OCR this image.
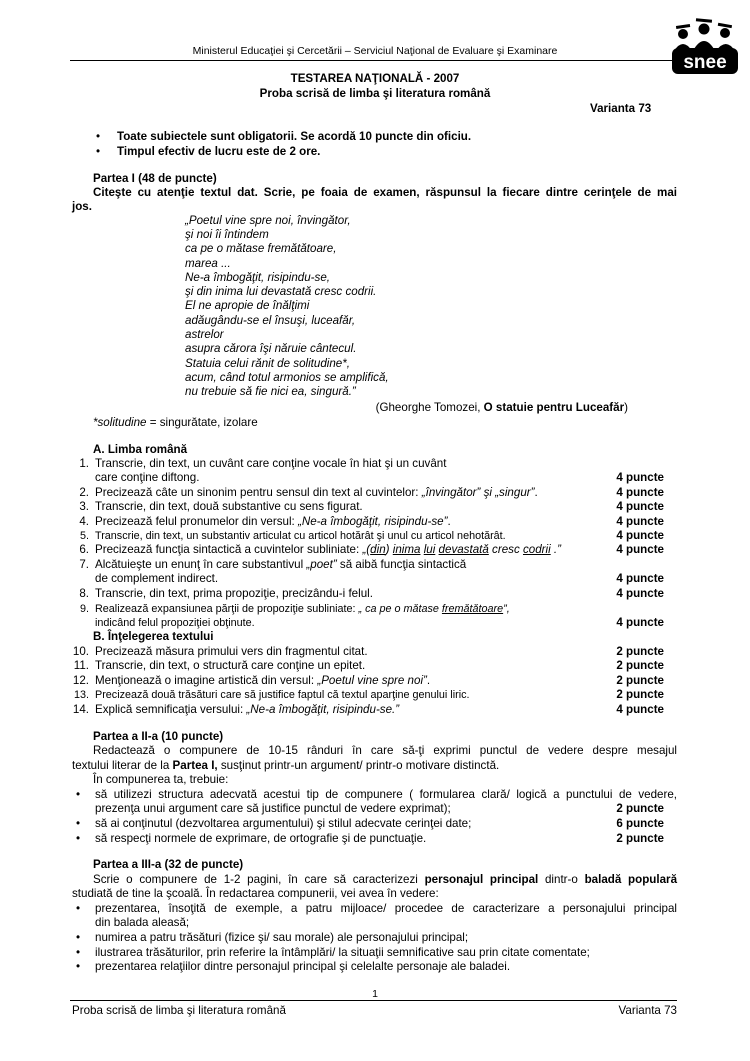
Ministerul Educaţiei şi Cercetării – Serviciul Naţional de Evaluare şi Examinare
snee
TESTAREA NAŢIONALĂ - 2007
Proba scrisă de limba şi literatura română
Varianta 73
•	Toate subiectele sunt obligatorii. Se acordă 10 puncte din oficiu.
•	Timpul efectiv de lucru este de 2 ore.
Partea I (48 de puncte)
Citeşte cu atenţie textul dat. Scrie, pe foaia de examen, răspunsul la fiecare dintre cerinţele de mai
jos.
„Poetul vine spre noi, învingător,
şi noi îi întindem
ca pe o mătase fremătătoare,
marea ...
Ne-a îmbogăţit, risipindu-se,
şi din inima lui devastată cresc codrii.
El ne apropie de înălţimi
adăugându-se el însuşi, luceafăr,
astrelor
asupra cărora îşi năruie cântecul.
Statuia celui rănit de solitudine*,
acum, când totul armonios se amplifică,
nu trebuie să fie nici ea, singură.”
(Gheorghe Tomozei, O statuie pentru Luceafăr)
*solitudine = singurătate, izolare
A. Limba română
1. Transcrie, din text, un cuvânt care conţine vocale în hiat şi un cuvânt
care conţine diftong.	4 puncte
2. Precizează câte un sinonim pentru sensul din text al cuvintelor: „învingător” şi „singur”.	4 puncte
3. Transcrie, din text, două substantive cu sens figurat.	4 puncte
4. Precizează felul pronumelor din versul: „Ne-a îmbogăţit, risipindu-se”.	4 puncte
5. Transcrie, din text, un substantiv articulat cu articol hotărât şi unul cu articol nehotărât.	4 puncte
6. Precizează funcţia sintactică a cuvintelor subliniate: „(din) inima lui devastată cresc codrii .”	4 puncte
7. Alcătuieşte un enunţ în care substantivul „poet” să aibă funcţia sintactică
de complement indirect.	4 puncte
8. Transcrie, din text, prima propoziţie, precizându-i felul.	4 puncte
9. Realizează expansiunea părţii de propoziţie subliniate: „ ca pe o mătase fremătătoare”,
indicând felul propoziţiei obţinute.	4 puncte
B. Înţelegerea textului
10. Precizează măsura primului vers din fragmentul citat.	2 puncte
11. Transcrie, din text, o structură care conţine un epitet.	2 puncte
12. Menţionează o imagine artistică din versul: „Poetul vine spre noi”.	2 puncte
13. Precizează două trăsături care să justifice faptul că textul aparţine genului liric.	2 puncte
14. Explică semnificaţia versului: „Ne-a îmbogăţit, risipindu-se.”	4 puncte
Partea a II-a (10 puncte)
Redactează o compunere de 10-15 rânduri în care să-ţi exprimi punctul de vedere despre mesajul
textului literar de la Partea I, susţinut printr-un argument/ printr-o motivare distinctă.
În compunerea ta, trebuie:
•	să utilizezi structura adecvată acestui tip de compunere ( formularea clară/ logică a punctului de vedere,
prezenţa unui argument care să justifice punctul de vedere exprimat);	2 puncte
•	să ai conţinutul (dezvoltarea argumentului) şi stilul adecvate cerinţei date;	6 puncte
•	să respecţi normele de exprimare, de ortografie şi de punctuaţie.	2 puncte
Partea a III-a (32 de puncte)
Scrie o compunere de 1-2 pagini, în care să caracterizezi personajul principal dintr-o baladă populară
studiată de tine la şcoală. În redactarea compunerii, vei avea în vedere:
•	prezentarea, însoţită de exemple, a patru mijloace/ procedee de caracterizare a personajului principal
din balada aleasă;
•	numirea a patru trăsături (fizice şi/ sau morale) ale personajului principal;
•	ilustrarea trăsăturilor, prin referire la întâmplări/ la situaţii semnificative sau prin citate comentate;
•	prezentarea relaţiilor dintre personajul principal şi celelalte personaje ale baladei.
1
Proba scrisă de limba şi literatura română	Varianta 73
